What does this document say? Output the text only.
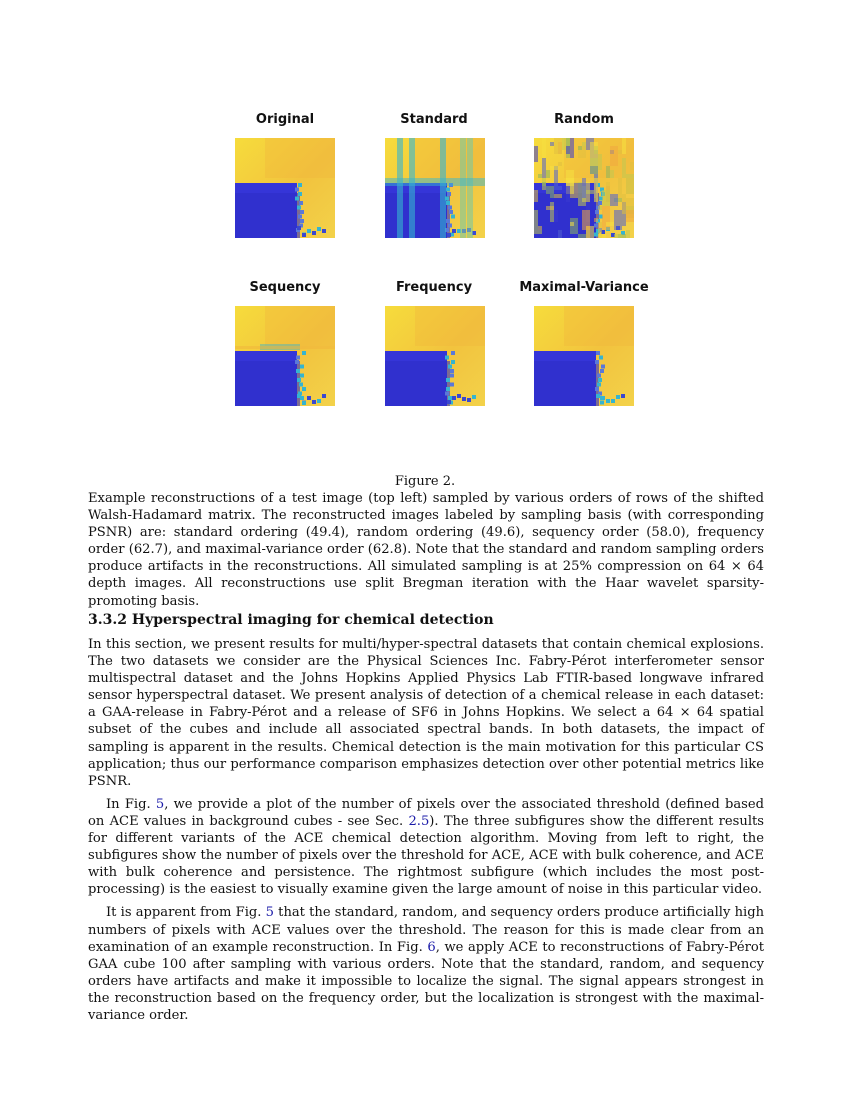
Original	Standard	Random
Sequency	Frequency	Maximal-Variance
Figure 2.

Example reconstructions of a test image (top left) sampled by various orders of rows of the shifted Walsh-Hadamard matrix. The reconstructed images labeled by sampling basis (with corresponding PSNR) are: standard ordering (49.4), random ordering (49.6), sequency order (58.0), frequency order (62.7), and maximal-variance order (62.8). Note that the standard and random sampling orders produce artifacts in the reconstructions. All simulated sampling is at 25% compression on 64 × 64 depth images. All reconstructions use split Bregman iteration with the Haar wavelet sparsity-promoting basis.

3.3.2 Hyperspectral imaging for chemical detection

In this section, we present results for multi/hyper-spectral datasets that contain chemical explosions. The two datasets we consider are the Physical Sciences Inc. Fabry-Pérot interferometer sensor multispectral dataset and the Johns Hopkins Applied Physics Lab FTIR-based longwave infrared sensor hyperspectral dataset. We present analysis of detection of a chemical release in each dataset: a GAA-release in Fabry-Pérot and a release of SF6 in Johns Hopkins. We select a 64 × 64 spatial subset of the cubes and include all associated spectral bands. In both datasets, the impact of sampling is apparent in the results. Chemical detection is the main motivation for this particular CS application; thus our performance comparison emphasizes detection over other potential metrics like PSNR.

In Fig. 5, we provide a plot of the number of pixels over the associated threshold (defined based on ACE values in background cubes - see Sec. 2.5). The three subfigures show the different results for different variants of the ACE chemical detection algorithm. Moving from left to right, the subfigures show the number of pixels over the threshold for ACE, ACE with bulk coherence, and ACE with bulk coherence and persistence. The rightmost subfigure (which includes the most post-processing) is the easiest to visually examine given the large amount of noise in this particular video.

It is apparent from Fig. 5 that the standard, random, and sequency orders produce artificially high numbers of pixels with ACE values over the threshold. The reason for this is made clear from an examination of an example reconstruction. In Fig. 6, we apply ACE to reconstructions of Fabry-Pérot GAA cube 100 after sampling with various orders. Note that the standard, random, and sequency orders have artifacts and make it impossible to localize the signal. The signal appears strongest in the reconstruction based on the frequency order, but the localization is strongest with the maximal-variance order.
